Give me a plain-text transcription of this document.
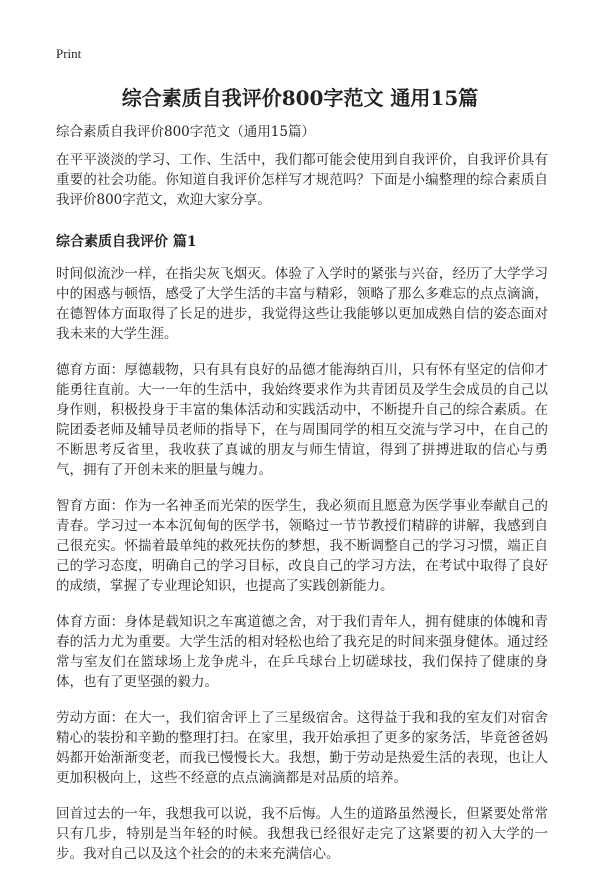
Print
综合素质自我评价800字范文 通用15篇
综合素质自我评价800字范文（通用15篇）

在平平淡淡的学习、工作、生活中，我们都可能会使用到自我评价，自我评价具有重要的社会功能。你知道自我评价怎样写才规范吗？下面是小编整理的综合素质自我评价800字范文，欢迎大家分享。

综合素质自我评价 篇1

时间似流沙一样，在指尖灰飞烟灭。体验了入学时的紧张与兴奋，经历了大学学习中的困惑与顿悟，感受了大学生活的丰富与精彩，领略了那么多难忘的点点滴滴，在德智体方面取得了长足的进步，我觉得这些让我能够以更加成熟自信的姿态面对我未来的大学生涯。

德育方面：厚德载物，只有具有良好的品德才能海纳百川，只有怀有坚定的信仰才能勇往直前。大一一年的生活中，我始终要求作为共青团员及学生会成员的自己以身作则，积极投身于丰富的集体活动和实践活动中，不断提升自己的综合素质。在院团委老师及辅导员老师的指导下，在与周围同学的相互交流与学习中，在自己的不断思考反省里，我收获了真诚的朋友与师生情谊，得到了拼搏进取的信心与勇气，拥有了开创未来的胆量与魄力。

智育方面：作为一名神圣而光荣的医学生，我必须而且愿意为医学事业奉献自己的青春。学习过一本本沉甸甸的医学书，领略过一节节教授们精辟的讲解，我感到自己很充实。怀揣着最单纯的救死扶伤的梦想，我不断调整自己的学习习惯，端正自己的学习态度，明确自己的学习目标，改良自己的学习方法，在考试中取得了良好的成绩，掌握了专业理论知识，也提高了实践创新能力。

体育方面：身体是载知识之车寓道德之舍，对于我们青年人，拥有健康的体魄和青春的活力尤为重要。大学生活的相对轻松也给了我充足的时间来强身健体。通过经常与室友们在篮球场上龙争虎斗，在乒乓球台上切磋球技，我们保持了健康的身体，也有了更坚强的毅力。

劳动方面：在大一，我们宿舍评上了三星级宿舍。这得益于我和我的室友们对宿舍精心的装扮和辛勤的整理打扫。在家里，我开始承担了更多的家务活，毕竟爸爸妈妈都开始渐渐变老，而我已慢慢长大。我想，勤于劳动是热爱生活的表现，也让人更加积极向上，这些不经意的点点滴滴都是对品质的培养。

回首过去的一年，我想我可以说，我不后悔。人生的道路虽然漫长，但紧要处常常只有几步，特别是当年轻的时候。我想我已经很好走完了这紧要的初入大学的一步。我对自己以及这个社会的的未来充满信心。
